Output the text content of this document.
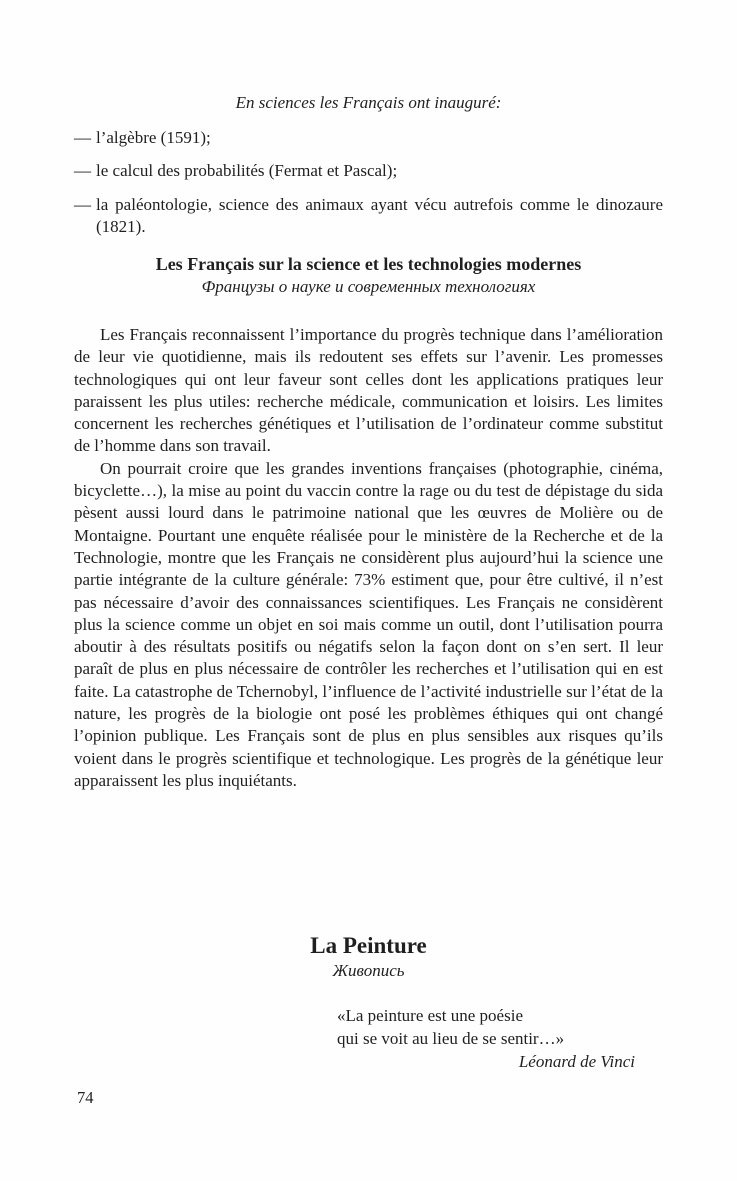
En sciences les Français ont inauguré:

— l’algèbre (1591);
— le calcul des probabilités (Fermat et Pascal);
— la paléontologie, science des animaux ayant vécu autrefois comme le dinozaure (1821).
Les Français sur la science et les technologies modernes

Французы о науке и современных технологиях

Les Français reconnaissent l’importance du progrès technique dans l’amélioration de leur vie quotidienne, mais ils redoutent ses effets sur l’avenir. Les promesses technologiques qui ont leur faveur sont celles dont les applications pratiques leur paraissent les plus utiles: recherche médicale, communication et loisirs. Les limites concernent les recherches génétiques et l’utilisation de l’ordinateur comme substitut de l’homme dans son travail.

On pourrait croire que les grandes inventions françaises (photographie, cinéma, bicyclette…), la mise au point du vaccin contre la rage ou du test de dépistage du sida pèsent aussi lourd dans le patrimoine national que les œuvres de Molière ou de Montaigne. Pourtant une enquête réalisée pour le ministère de la Recherche et de la Technologie, montre que les Français ne considèrent plus aujourd’hui la science une partie intégrante de la culture générale: 73% estiment que, pour être cultivé, il n’est pas nécessaire d’avoir des connaissances scientifiques. Les Français ne considèrent plus la science comme un objet en soi mais comme un outil, dont l’utilisation pourra aboutir à des résultats positifs ou négatifs selon la façon dont on s’en sert. Il leur paraît de plus en plus nécessaire de contrôler les recherches et l’utilisation qui en est faite. La catastrophe de Tchernobyl, l’influence de l’activité industrielle sur l’état de la nature, les progrès de la biologie ont posé les problèmes éthiques qui ont changé l’opinion publique. Les Français sont de plus en plus sensibles aux risques qu’ils voient dans le progrès scientifique et technologique. Les progrès de la génétique leur apparaissent les plus inquiétants.

La Peinture

Живопись

«La peinture est une poésie

qui se voit au lieu de se sentir…»

Léonard de Vinci

74
